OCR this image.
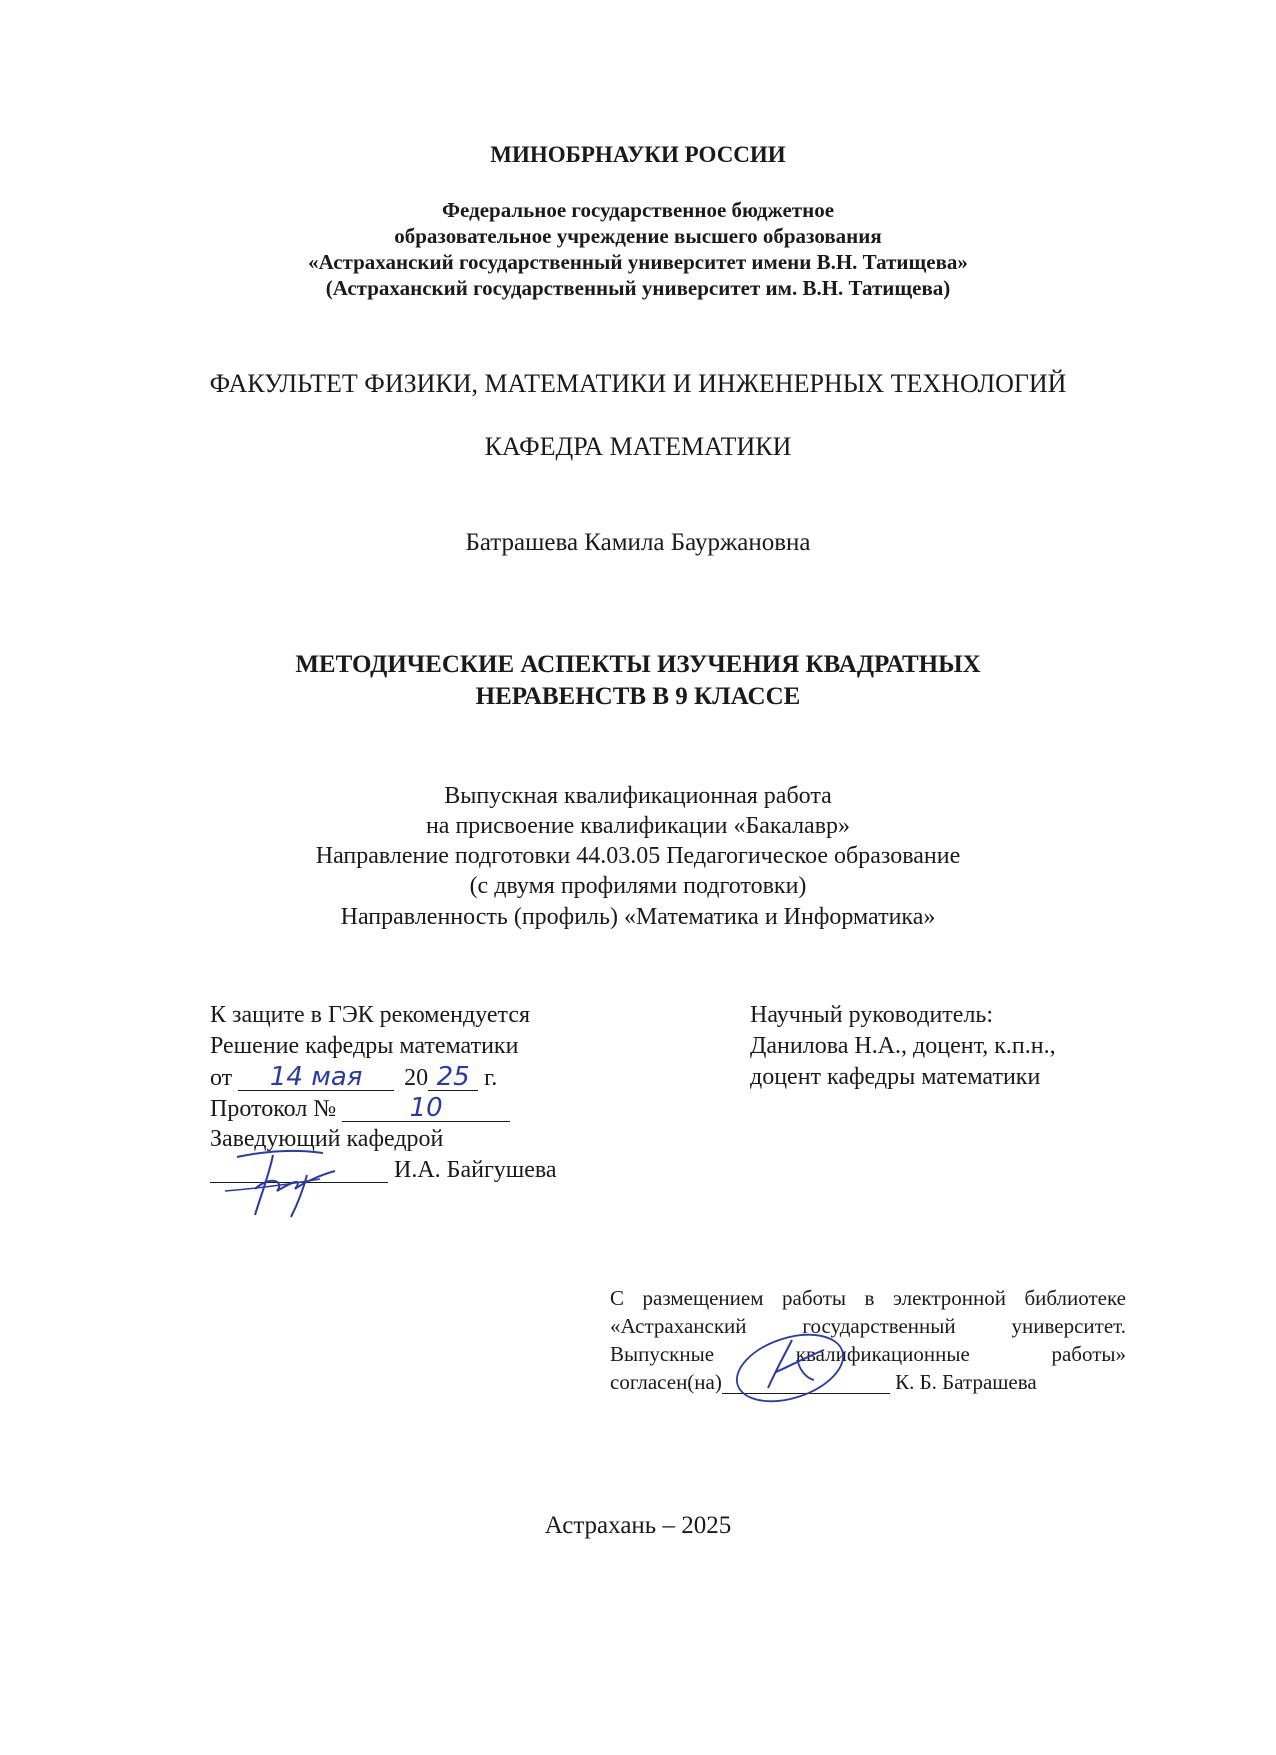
МИНОБРНАУКИ РОССИИ
Федеральное государственное бюджетное
образовательное учреждение высшего образования
«Астраханский государственный университет имени В.Н. Татищева»
(Астраханский государственный университет им. В.Н. Татищева)
ФАКУЛЬТЕТ ФИЗИКИ, МАТЕМАТИКИ И ИНЖЕНЕРНЫХ ТЕХНОЛОГИЙ
КАФЕДРА МАТЕМАТИКИ
Батрашева Камила Бауржановна
МЕТОДИЧЕСКИЕ АСПЕКТЫ ИЗУЧЕНИЯ КВАДРАТНЫХ
НЕРАВЕНСТВ В 9 КЛАССЕ
Выпускная квалификационная работа
на присвоение квалификации «Бакалавр»
Направление подготовки 44.03.05 Педагогическое образование
(с двумя профилями подготовки)
Направленность (профиль) «Математика и Информатика»
К защите в ГЭК рекомендуется
Решение кафедры математики
от 14 мая 20 25 г.
Протокол №	10
Заведующий кафедрой
И.А. Байгушева
Научный руководитель:
Данилова Н.А., доцент, к.п.н.,
доцент кафедры математики
С размещением работы в электронной библиотеке
«Астраханский государственный университет.
Выпускные квалификационные работы»
согласен(на)	К. Б. Батрашева
Астрахань – 2025
